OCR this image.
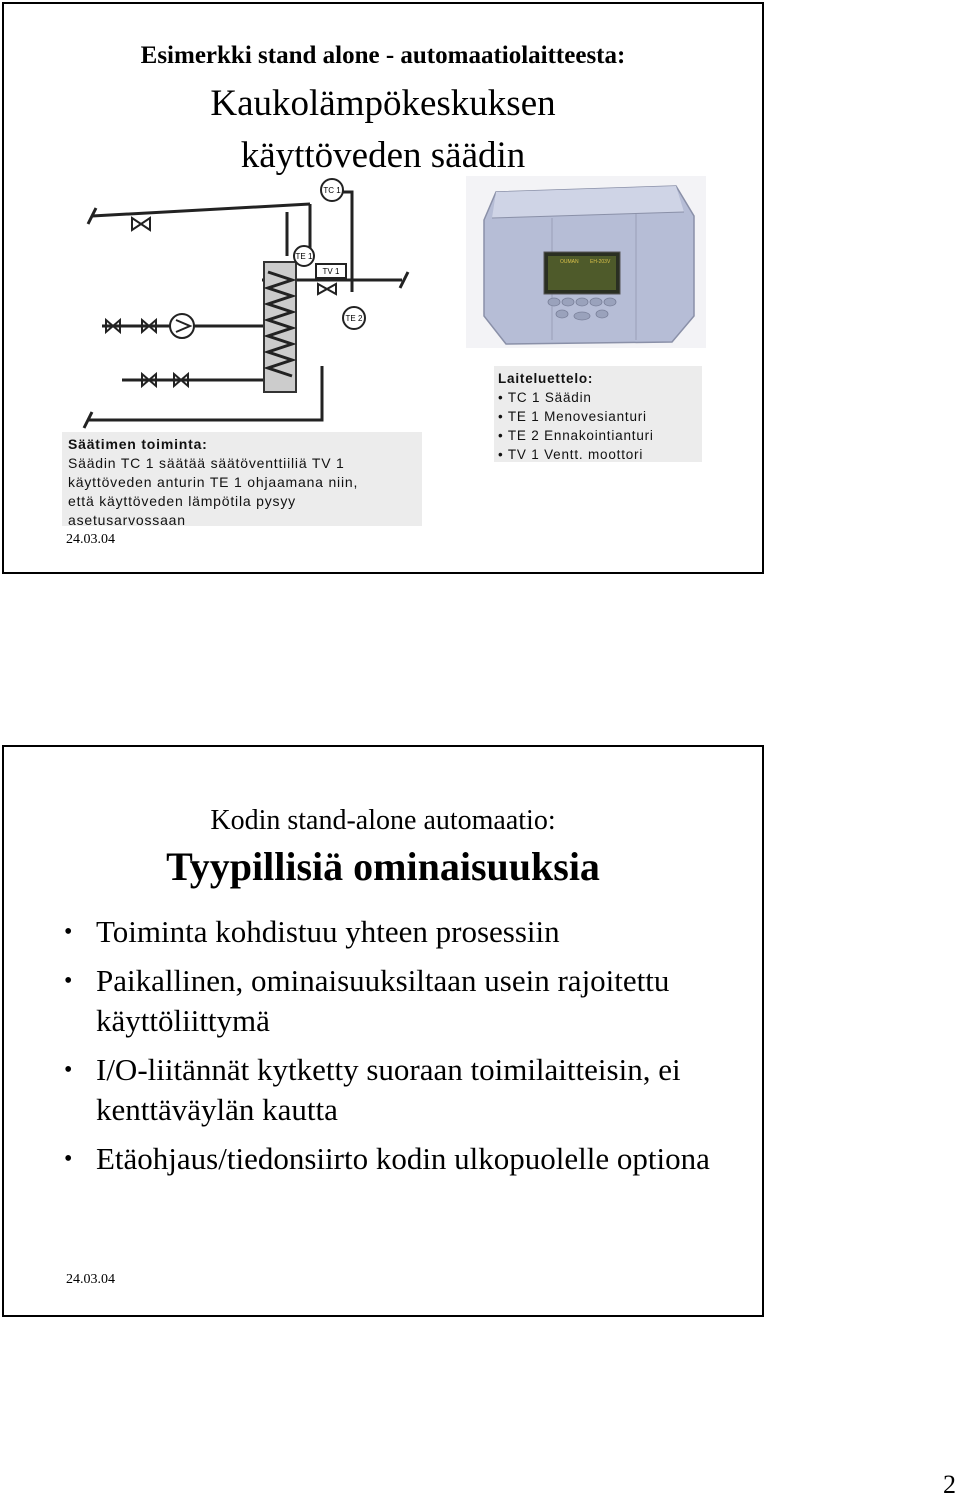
Esimerkki stand alone - automaatiolaitteesta:
Kaukolämpökeskuksen
käyttöveden säädin
TC 1
TE 1
TV 1
TE 2
OUMAN EH-203V
Säätimen toiminta:
Säädin TC 1 säätää säätöventtiiliä TV 1
käyttöveden anturin TE 1 ohjaamana niin,
että käyttöveden lämpötila pysyy
asetusarvossaan
Laiteluettelo:
• TC 1 Säädin
• TE 1 Menovesianturi
• TE 2 Ennakointianturi
• TV 1 Ventt. moottori
24.03.04
Kodin stand-alone automaatio:
Tyypillisiä ominaisuuksia
• Toiminta kohdistuu yhteen prosessiin
• Paikallinen, ominaisuuksiltaan usein rajoitettu käyttöliittymä
• I/O-liitännät kytketty suoraan toimilaitteisin, ei kenttäväylän kautta
• Etäohjaus/tiedonsiirto kodin ulkopuolelle optiona
24.03.04
2
